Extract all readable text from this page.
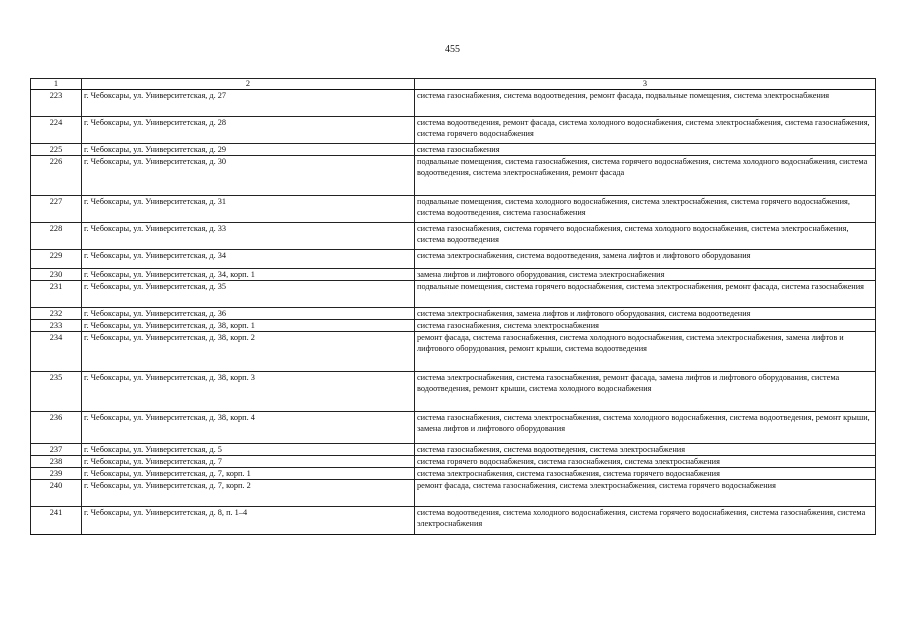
455
1	2	3
223	г. Чебоксары, ул. Университетская, д. 27	система газоснабжения, система водоотведения, ремонт фасада, подвальные помещения, система электроснабжения
224	г. Чебоксары, ул. Университетская, д. 28	система водоотведения, ремонт фасада, система холодного водоснабжения, система электроснабжения, система газоснабжения, система горячего водоснабжения
225	г. Чебоксары, ул. Университетская, д. 29	система газоснабжения
226	г. Чебоксары, ул. Университетская, д. 30	подвальные помещения, система газоснабжения, система горячего водоснабжения, система холодного водоснабжения, система водоотведения, система электроснабжения, ремонт фасада
227	г. Чебоксары, ул. Университетская, д. 31	подвальные помещения, система холодного водоснабжения, система электроснабжения, система горячего водоснабжения, система водоотведения, система газоснабжения
228	г. Чебоксары, ул. Университетская, д. 33	система газоснабжения, система горячего водоснабжения, система холодного водоснабжения, система электроснабжения, система водоотведения
229	г. Чебоксары, ул. Университетская, д. 34	система электроснабжения, система водоотведения, замена лифтов и лифтового оборудования
230	г. Чебоксары, ул. Университетская, д. 34, корп. 1	замена лифтов и лифтового оборудования, система электроснабжения
231	г. Чебоксары, ул. Университетская, д. 35	подвальные помещения, система горячего водоснабжения, система электроснабжения, ремонт фасада, система газоснабжения
232	г. Чебоксары, ул. Университетская, д. 36	система электроснабжения, замена лифтов и лифтового оборудования, система водоотведения
233	г. Чебоксары, ул. Университетская, д. 38, корп. 1	система газоснабжения, система электроснабжения
234	г. Чебоксары, ул. Университетская, д. 38, корп. 2	ремонт фасада, система газоснабжения, система холодного водоснабжения, система электроснабжения, замена лифтов и лифтового оборудования, ремонт крыши, система водоотведения
235	г. Чебоксары, ул. Университетская, д. 38, корп. 3	система электроснабжения, система газоснабжения, ремонт фасада, замена лифтов и лифтового оборудования, система водоотведения, ремонт крыши, система холодного водоснабжения
236	г. Чебоксары, ул. Университетская, д. 38, корп. 4	система газоснабжения, система электроснабжения, система холодного водоснабжения, система водоотведения, ремонт крыши, замена лифтов и лифтового оборудования
237	г. Чебоксары, ул. Университетская, д. 5	система газоснабжения, система водоотведения, система электроснабжения
238	г. Чебоксары, ул. Университетская, д. 7	система горячего водоснабжения, система газоснабжения, система электроснабжения
239	г. Чебоксары, ул. Университетская, д. 7, корп. 1	система электроснабжения, система газоснабжения, система горячего водоснабжения
240	г. Чебоксары, ул. Университетская, д. 7, корп. 2	ремонт фасада, система газоснабжения, система электроснабжения, система горячего водоснабжения
241	г. Чебоксары, ул. Университетская, д. 8, п. 1–4	система водоотведения, система холодного водоснабжения, система горячего водоснабжения, система газоснабжения, система электроснабжения
